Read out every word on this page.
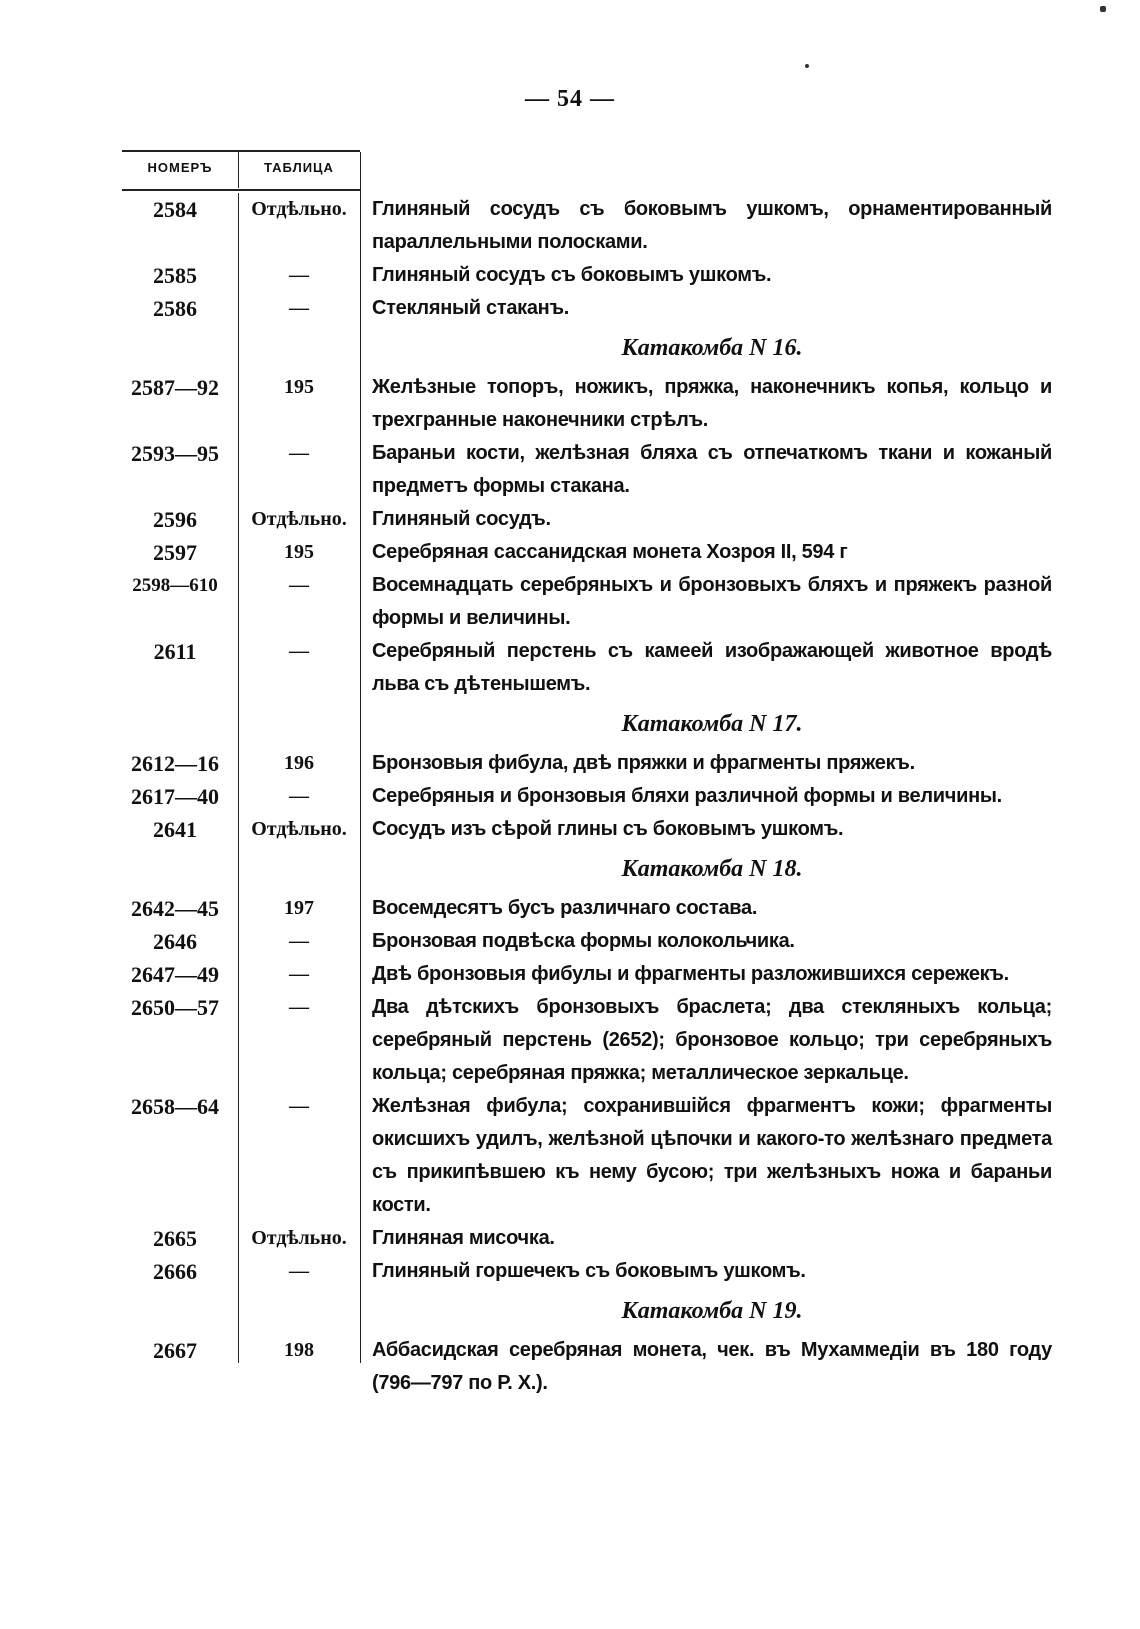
— 54 —
НОМЕРЪ	ТАБЛИЦА
2584	Отдѣльно.	Глиняный сосудъ съ боковымъ ушкомъ, орнаментированный параллельными полосками.
2585	—	Глиняный сосудъ съ боковымъ ушкомъ.
2586	—	Стекляный стаканъ.
Катакомба N 16.
2587—92	195	Желѣзные топоръ, ножикъ, пряжка, наконечникъ копья, кольцо и трехгранные наконечники стрѣлъ.
2593—95	—	Бараньи кости, желѣзная бляха съ отпечаткомъ ткани и кожаный предметъ формы стакана.
2596	Отдѣльно.	Глиняный сосудъ.
2597	195	Серебряная сассанидская монета Хозроя II, 594 г
2598—610	—	Восемнадцать серебряныхъ и бронзовыхъ бляхъ и пряжекъ разной формы и величины.
2611	—	Серебряный перстень съ камеей изображающей животное вродѣ льва съ дѣтенышемъ.
Катакомба N 17.
2612—16	196	Бронзовыя фибула, двѣ пряжки и фрагменты пряжекъ.
2617—40	—	Серебряныя и бронзовыя бляхи различной формы и величины.
2641	Отдѣльно.	Сосудъ изъ сѣрой глины съ боковымъ ушкомъ.
Катакомба N 18.
2642—45	197	Восемдесятъ бусъ различнаго состава.
2646	—	Бронзовая подвѣска формы колокольчика.
2647—49	—	Двѣ бронзовыя фибулы и фрагменты разложившихся сережекъ.
2650—57	—	Два дѣтскихъ бронзовыхъ браслета; два стекляныхъ кольца; серебряный перстень (2652); бронзовое кольцо; три серебряныхъ кольца; серебряная пряжка; металлическое зеркальце.
2658—64	—	Желѣзная фибула; сохранившійся фрагментъ кожи; фрагменты окисшихъ удилъ, желѣзной цѣпочки и какого-то желѣзнаго предмета съ прикипѣвшею къ нему бусою; три желѣзныхъ ножа и бараньи кости.
2665	Отдѣльно.	Глиняная мисочка.
2666	—	Глиняный горшечекъ съ боковымъ ушкомъ.
Катакомба N 19.
2667	198	Аббасидская серебряная монета, чек. въ Мухаммедіи въ 180 году (796—797 по Р. Х.).
